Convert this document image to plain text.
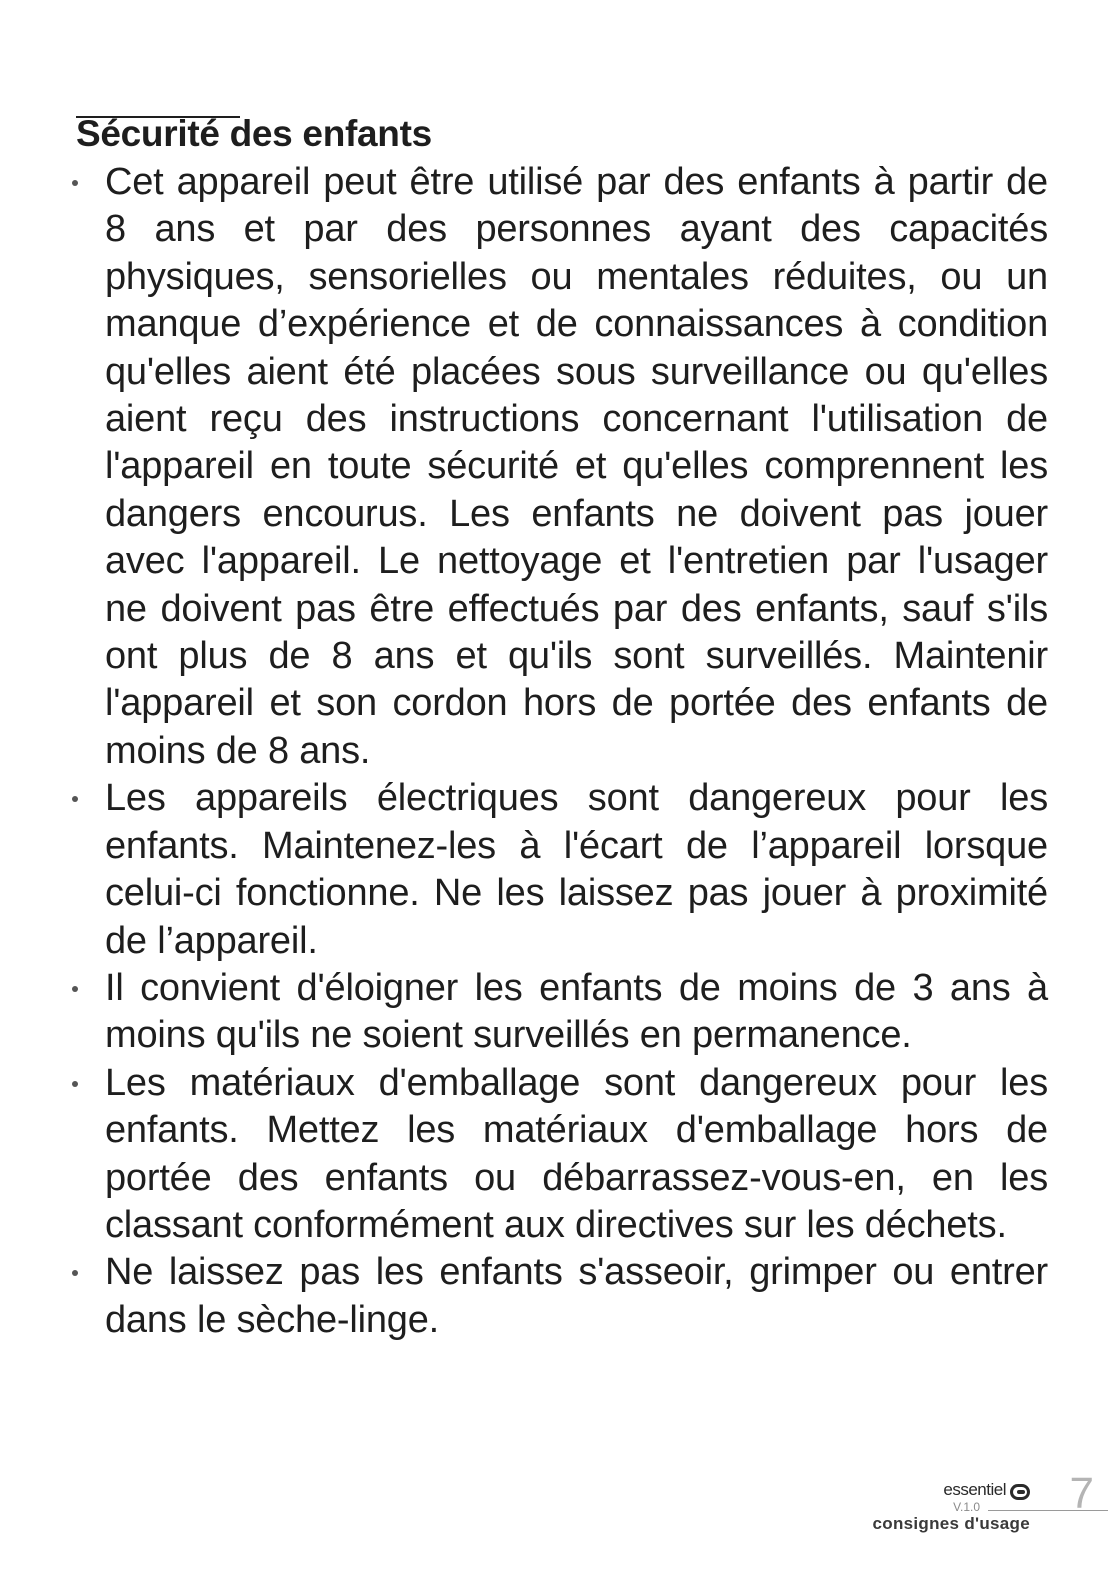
Sécurité des enfants
Cet appareil peut être utilisé par des enfants à partir de 8 ans et par des personnes ayant des capacités physiques, sensorielles ou mentales réduites, ou un manque d’expérience et de connaissances à condition qu'elles aient été placées sous surveillance ou qu'elles aient reçu des instructions concernant l'utilisation de l'appareil en toute sécurité et qu'elles comprennent les dangers encourus. Les enfants ne doivent pas jouer avec l'appareil. Le nettoyage et l'entretien par l'usager ne doivent pas être effectués par des enfants, sauf s'ils ont plus de 8 ans et qu'ils sont surveillés. Maintenir l'appareil et son cordon hors de portée des enfants de moins de 8 ans.
Les appareils électriques sont dangereux pour les enfants. Maintenez-les à l'écart de l’appareil lorsque celui-ci fonctionne. Ne les laissez pas jouer à proximité de l’appareil.
Il convient d'éloigner les enfants de moins de 3 ans à moins qu'ils ne soient surveillés en permanence.
Les matériaux d'emballage sont dangereux pour les enfants. Mettez les matériaux d'emballage hors de portée des enfants ou débarrassez-vous-en, en les classant conformément aux directives sur les déchets.
Ne laissez pas les enfants s'asseoir, grimper ou entrer dans le sèche-linge.
essentiel
V.1.0 7
consignes d'usage
